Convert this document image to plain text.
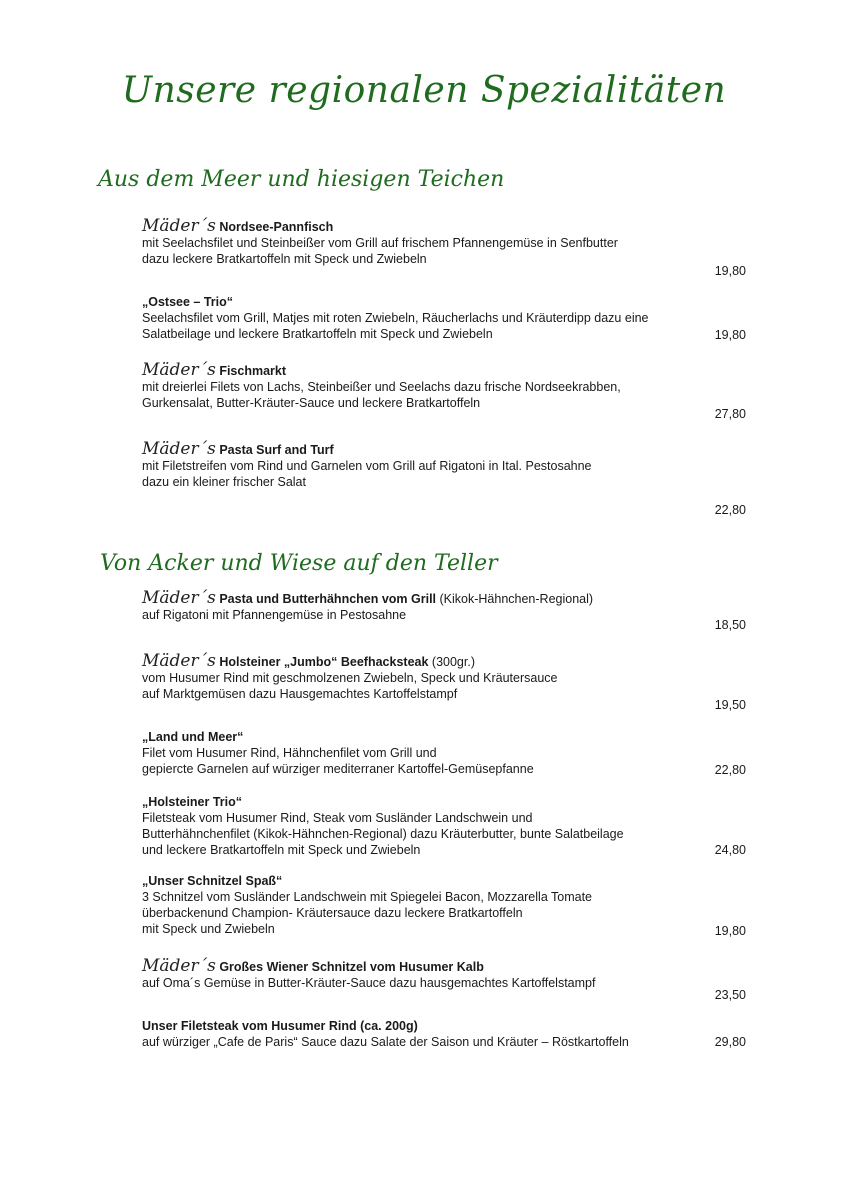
Unsere regionalen Spezialitäten
Aus dem Meer und hiesigen Teichen
Mäder´s Nordsee-Pannfisch
mit Seelachsfilet und Steinbeißer vom Grill auf frischem Pfannengemüse in Senfbutter
dazu leckere Bratkartoffeln mit Speck und Zwiebeln
19,80
„Ostsee – Trio“
Seelachsfilet vom Grill, Matjes mit roten Zwiebeln, Räucherlachs und Kräuterdipp dazu eine
Salatbeilage und leckere Bratkartoffeln mit Speck und Zwiebeln	19,80
Mäder´s Fischmarkt
mit dreierlei Filets von Lachs, Steinbeißer und Seelachs dazu frische Nordseekrabben,
Gurkensalat, Butter-Kräuter-Sauce und leckere Bratkartoffeln
27,80
Mäder´s Pasta Surf and Turf
mit Filetstreifen vom Rind und Garnelen vom Grill auf Rigatoni in Ital. Pestosahne
dazu ein kleiner frischer Salat
22,80
Von Acker und Wiese auf den Teller
Mäder´s Pasta und Butterhähnchen vom Grill (Kikok-Hähnchen-Regional)
auf Rigatoni mit Pfannengemüse in Pestosahne
18,50
Mäder´s Holsteiner „Jumbo“ Beefhacksteak (300gr.)
vom Husumer Rind mit geschmolzenen Zwiebeln, Speck und Kräutersauce
auf Marktgemüsen dazu Hausgemachtes Kartoffelstampf
19,50
„Land und Meer“
Filet vom Husumer Rind, Hähnchenfilet vom Grill und
gepiercte Garnelen auf würziger mediterraner Kartoffel-Gemüsepfanne	22,80
„Holsteiner Trio“
Filetsteak vom Husumer Rind, Steak vom Susländer Landschwein und
Butterhähnchenfilet (Kikok-Hähnchen-Regional) dazu Kräuterbutter, bunte Salatbeilage
und leckere Bratkartoffeln mit Speck und Zwiebeln	24,80
„Unser Schnitzel Spaß“
3 Schnitzel vom Susländer Landschwein mit Spiegelei Bacon, Mozzarella Tomate
überbackenund Champion- Kräutersauce dazu leckere Bratkartoffeln
mit Speck und Zwiebeln	19,80
Mäder´s Großes Wiener Schnitzel vom Husumer Kalb
auf Oma´s Gemüse in Butter-Kräuter-Sauce dazu hausgemachtes Kartoffelstampf
23,50
Unser Filetsteak vom Husumer Rind (ca. 200g)
auf würziger „Cafe de Paris“ Sauce dazu Salate der Saison und Kräuter – Röstkartoffeln	29,80
